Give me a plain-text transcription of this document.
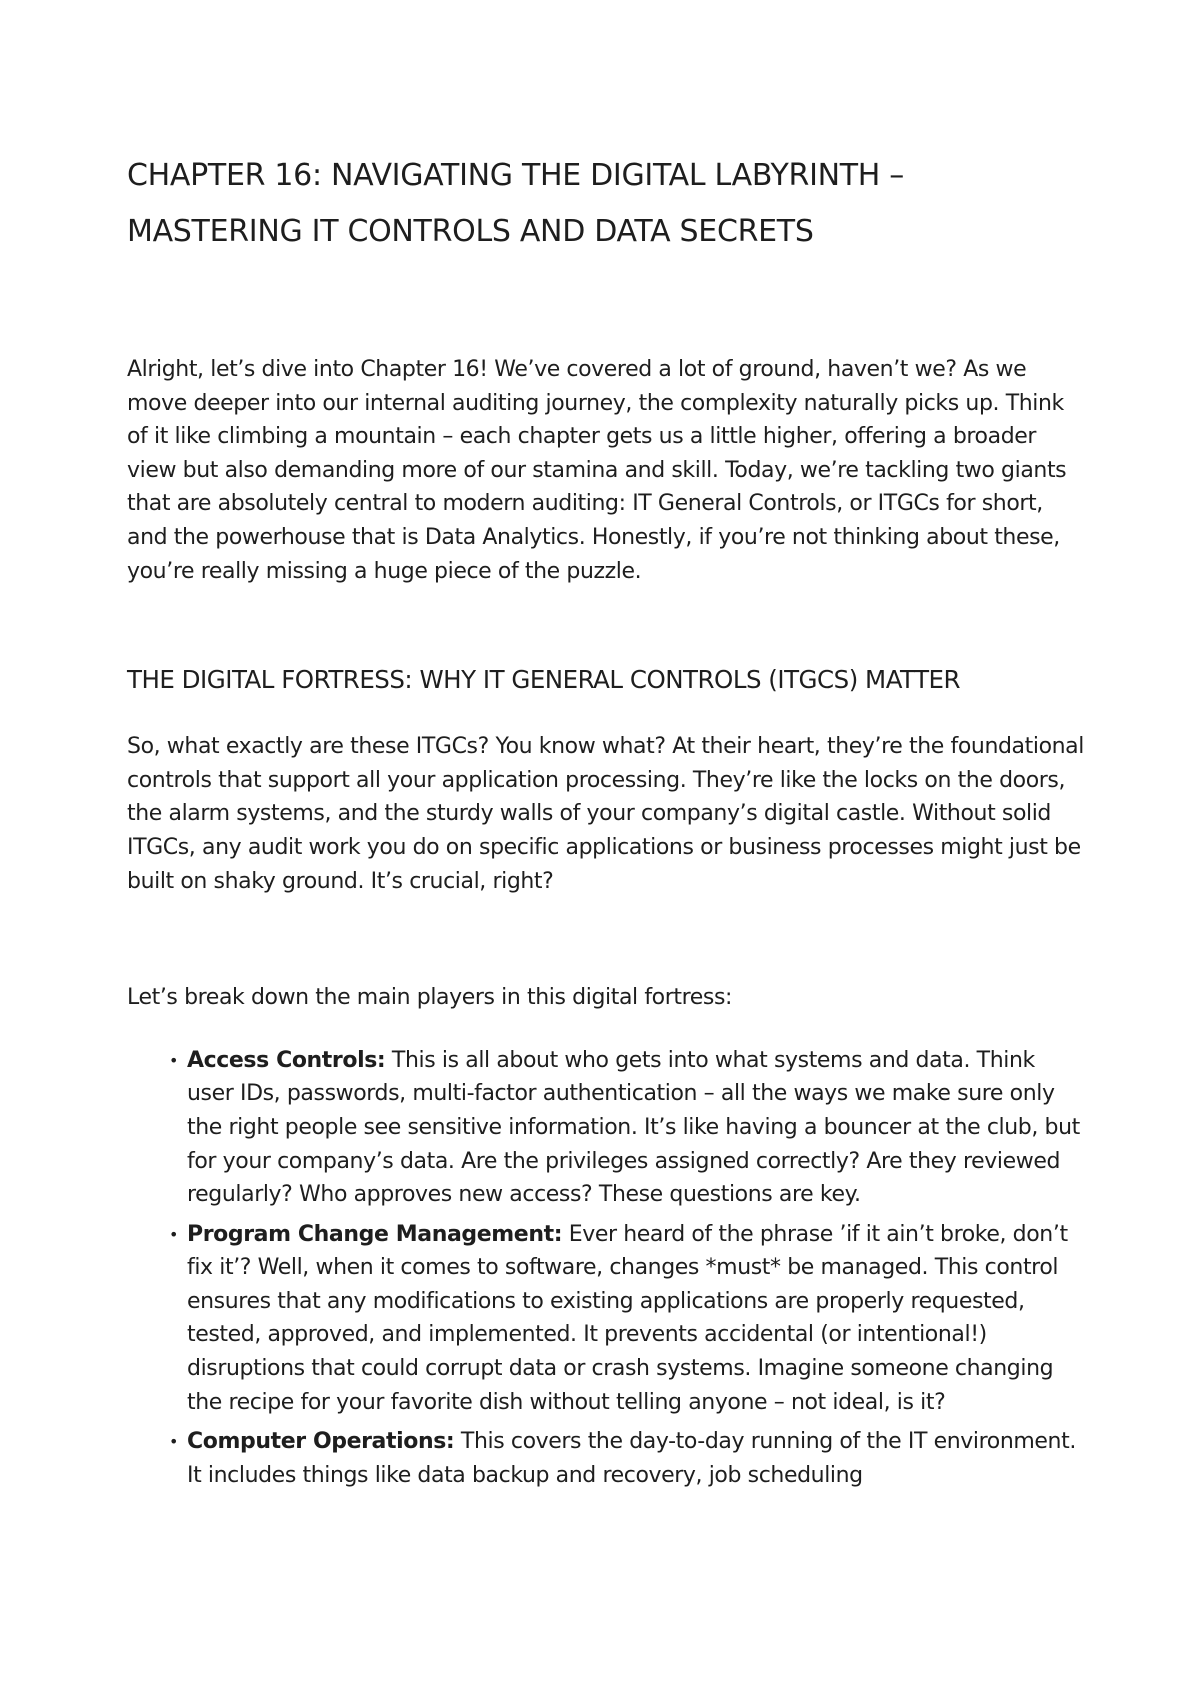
CHAPTER 16: NAVIGATING THE DIGITAL LABYRINTH – MASTERING IT CONTROLS AND DATA SECRETS

Alright, let’s dive into Chapter 16! We’ve covered a lot of ground, haven’t we? As we move deeper into our internal auditing journey, the complexity naturally picks up. Think of it like climbing a mountain – each chapter gets us a little higher, offering a broader view but also demanding more of our stamina and skill. Today, we’re tackling two giants that are absolutely central to modern auditing: IT General Controls, or ITGCs for short, and the powerhouse that is Data Analytics. Honestly, if you’re not thinking about these, you’re really missing a huge piece of the puzzle.

THE DIGITAL FORTRESS: WHY IT GENERAL CONTROLS (ITGCS) MATTER

So, what exactly are these ITGCs? You know what? At their heart, they’re the foundational controls that support all your application processing. They’re like the locks on the doors, the alarm systems, and the sturdy walls of your company’s digital castle. Without solid ITGCs, any audit work you do on specific applications or business processes might just be built on shaky ground. It’s crucial, right?

Let’s break down the main players in this digital fortress:

• Access Controls: This is all about who gets into what systems and data. Think user IDs, passwords, multi-factor authentication – all the ways we make sure only the right people see sensitive information. It’s like having a bouncer at the club, but for your company’s data. Are the privileges assigned correctly? Are they reviewed regularly? Who approves new access? These questions are key.
• Program Change Management: Ever heard of the phrase ’if it ain’t broke, don’t fix it’? Well, when it comes to software, changes *must* be managed. This control ensures that any modifications to existing applications are properly requested, tested, approved, and implemented. It prevents accidental (or intentional!) disruptions that could corrupt data or crash systems. Imagine someone changing the recipe for your favorite dish without telling anyone – not ideal, is it?
• Computer Operations: This covers the day-to-day running of the IT environment. It includes things like data backup and recovery, job scheduling
